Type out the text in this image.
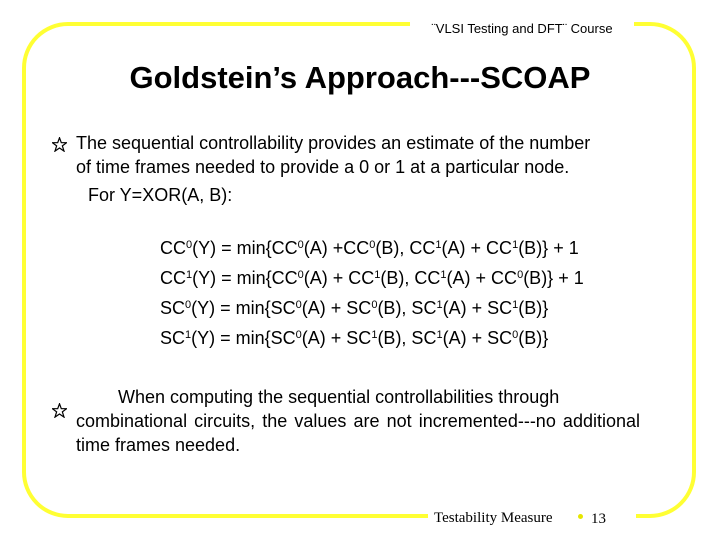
¨VLSI Testing and DFT¨ Course
Goldstein’s Approach---SCOAP
The sequential controllability provides an estimate of the number
of time frames needed to provide a 0 or 1 at a particular node.
For Y=XOR(A, B):
$CC^0(Y) = \min\{CC^0(A) +CC^0(B)$, $CC^1(A) + CC^1(B)\} + 1$
$CC^1(Y) = \min\{CC^0(A) + CC^1(B)$, $CC^1(A) + CC^0(B)\} + 1$
$SC^0(Y) = \min\{SC^0(A) + SC^0(B)$, $SC^1(A) + SC^1(B)$}
$SC^1(Y) = \min\{SC^0(A) + SC^1(B)$, $SC^1(A) + SC^0(B)$}
When computing the sequential controllabilities through
combinational circuits, the values are not incremented---no additional time frames needed.
Testability Measure	13
